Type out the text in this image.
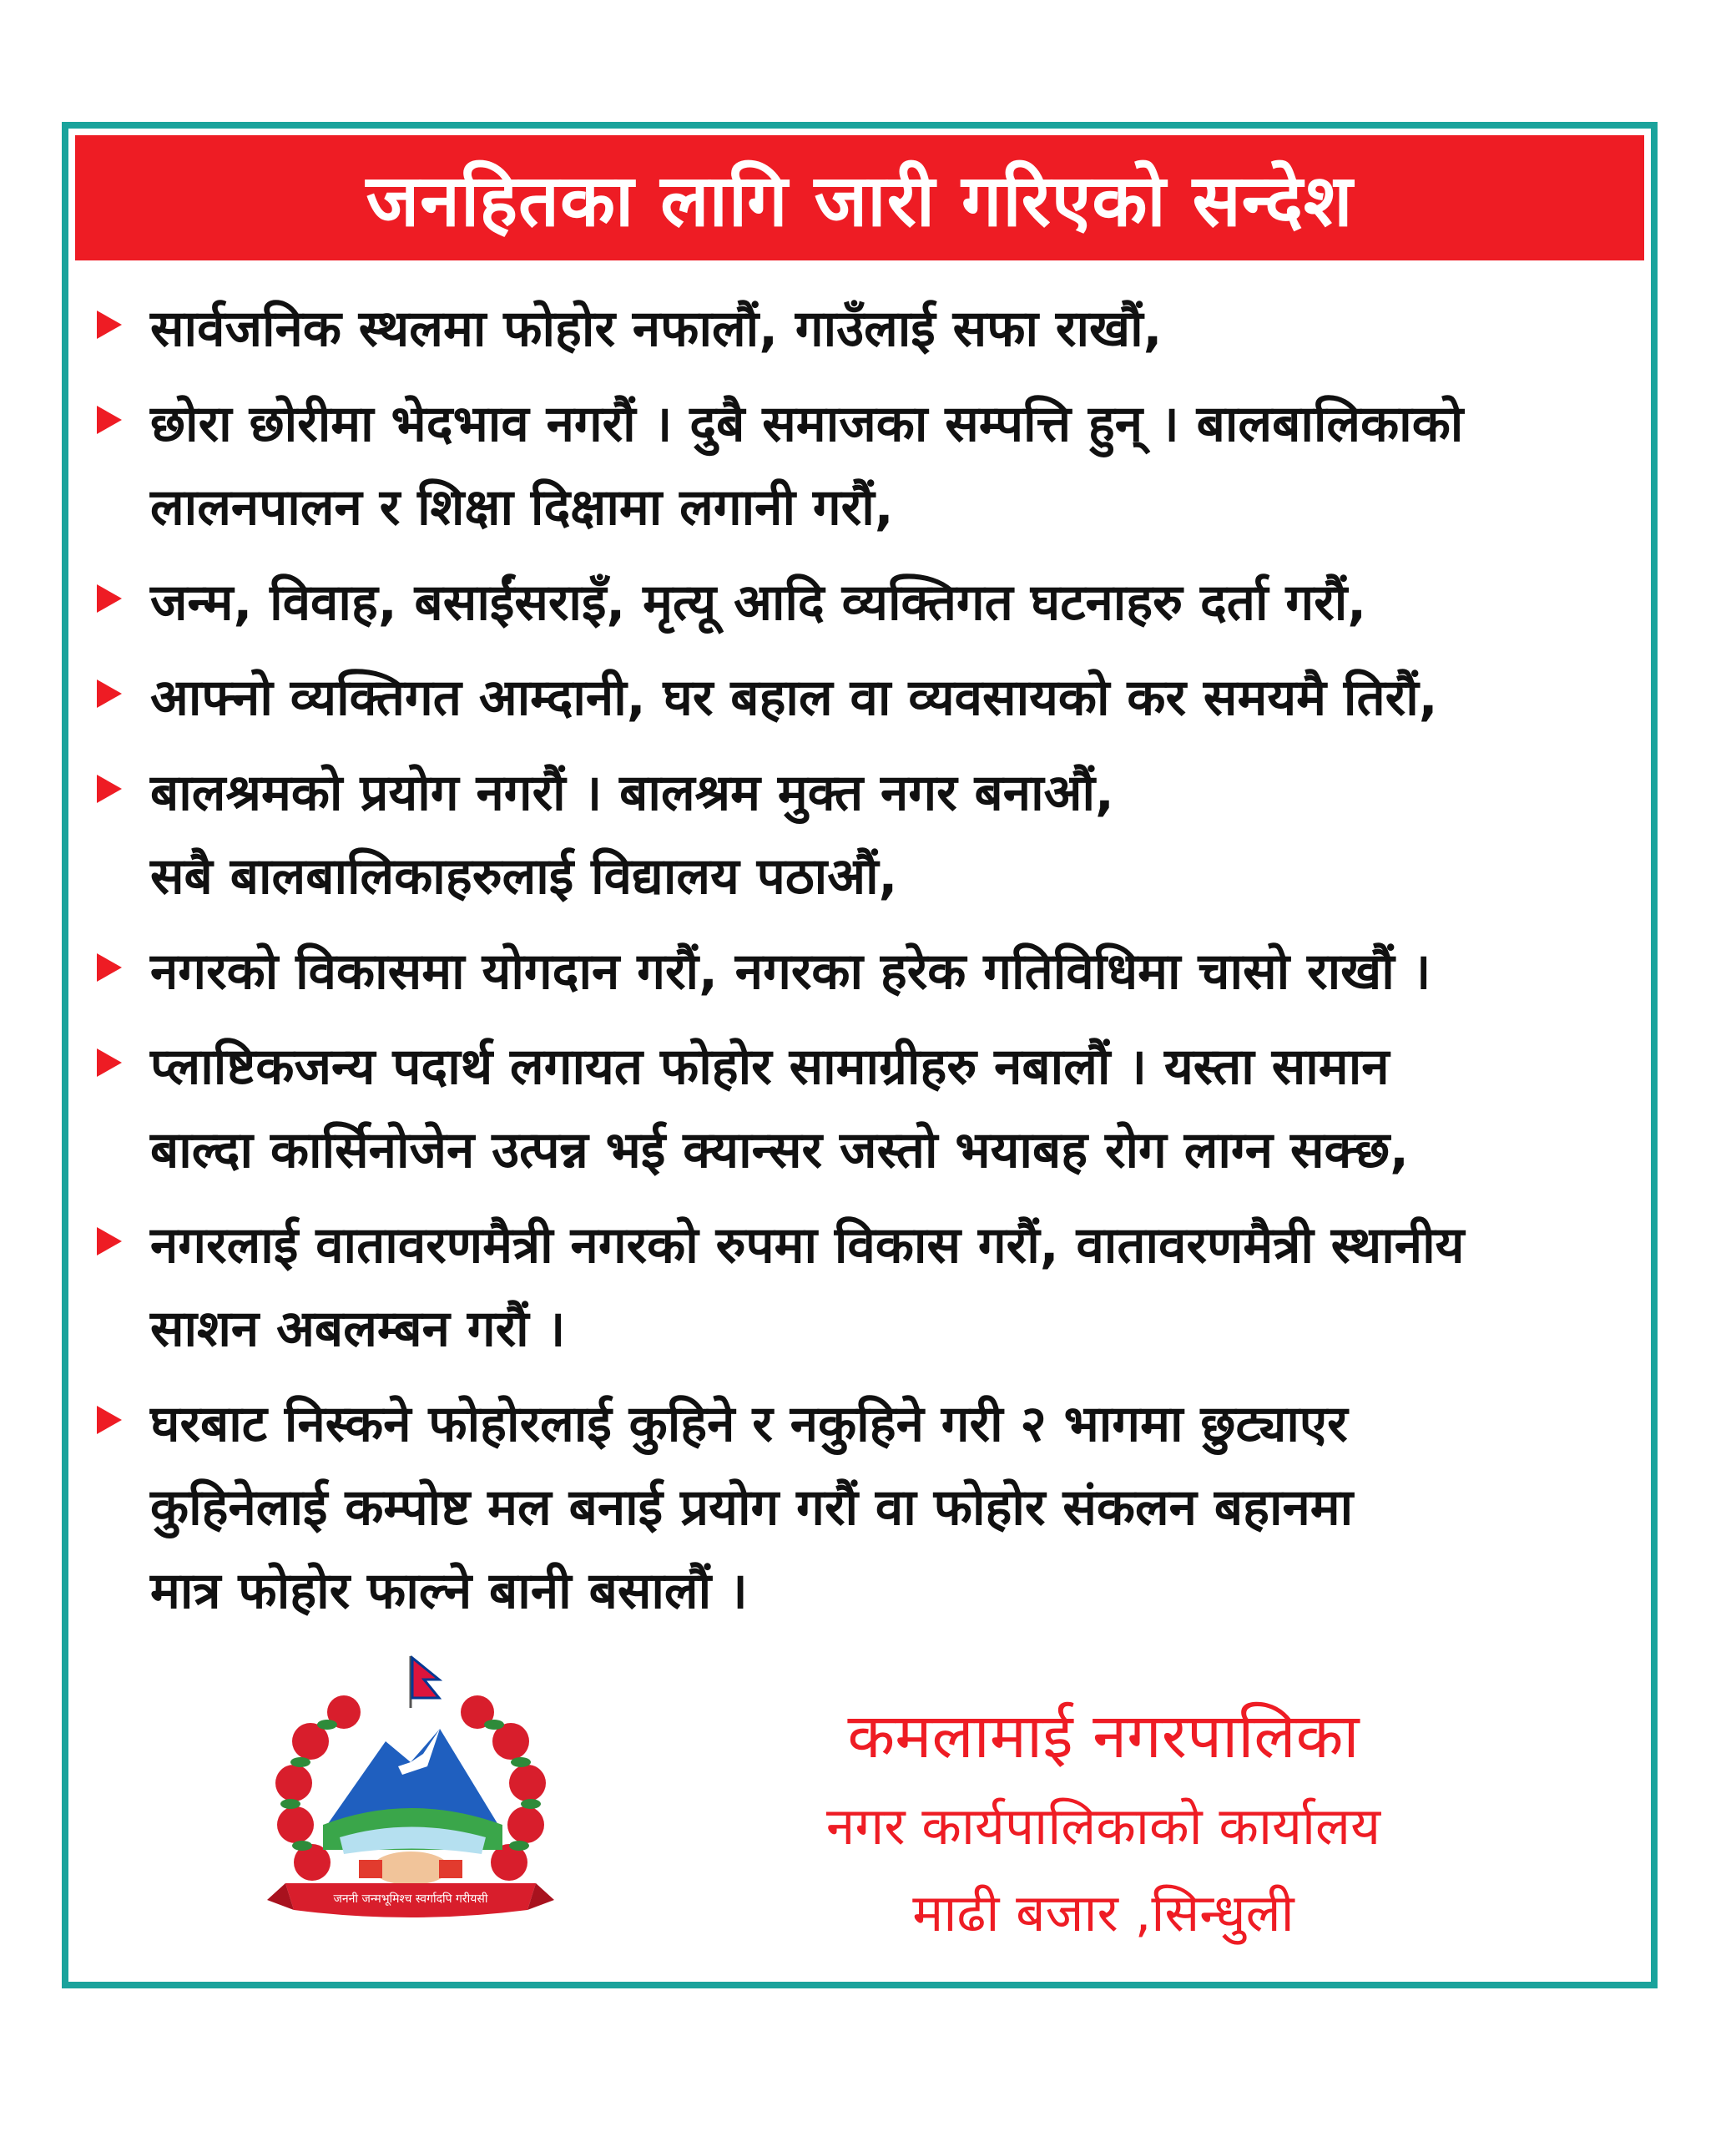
जनहितका लागि जारी गरिएको सन्देश
सार्वजनिक स्थलमा फोहोर नफालौं, गाउँलाई सफा राखौं,
छोरा छोरीमा भेदभाव नगरौं । दुबै समाजका सम्पत्ति हुन् । बालबालिकाको
लालनपालन र शिक्षा दिक्षामा लगानी गरौं,
जन्म, विवाह, बसाईंसराइँ, मृत्यू आदि व्यक्तिगत घटनाहरु दर्ता गरौं,
आफ्नो व्यक्तिगत आम्दानी, घर बहाल वा व्यवसायको कर समयमै तिरौं,
बालश्रमको प्रयोग नगरौं । बालश्रम मुक्त नगर बनाऔं,
सबै बालबालिकाहरुलाई विद्यालय पठाऔं,
नगरको विकासमा योगदान गरौं, नगरका हरेक गतिविधिमा चासो राखौं ।
प्लाष्टिकजन्य पदार्थ लगायत फोहोर सामाग्रीहरु नबालौं । यस्ता सामान
बाल्दा कार्सिनोजेन उत्पन्न भई क्यान्सर जस्तो भयाबह रोग लाग्न सक्छ,
नगरलाई वातावरणमैत्री नगरको रुपमा विकास गरौं, वातावरणमैत्री स्थानीय
साशन अबलम्बन गरौं ।
घरबाट निस्कने फोहोरलाई कुहिने र नकुहिने गरी २ भागमा छुट्याएर
कुहिनेलाई कम्पोष्ट मल बनाई प्रयोग गरौं वा फोहोर संकलन बहानमा
मात्र फोहोर फाल्ने बानी बसालौं ।
जननी जन्मभूमिश्च स्वर्गादपि गरीयसी
कमलामाई नगरपालिका
नगर कार्यपालिकाको कार्यालय
माढी बजार ,सिन्धुली
